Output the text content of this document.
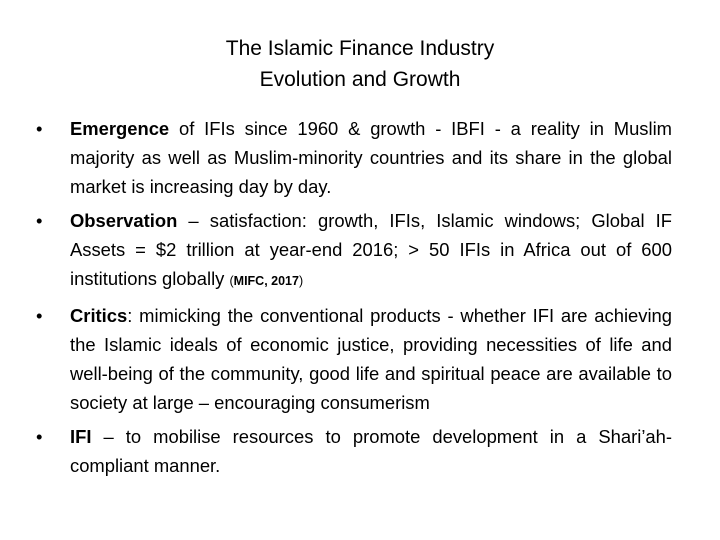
The Islamic Finance Industry
Evolution and Growth
•	Emergence of IFIs since 1960 & growth - IBFI - a reality in Muslim majority as well as Muslim-minority countries and its share in the global market is increasing day by day.
•	Observation – satisfaction: growth, IFIs, Islamic windows; Global IF Assets = $2 trillion at year-end 2016; > 50 IFIs in Africa out of 600 institutions globally (MIFC, 2017)
•	Critics: mimicking the conventional products - whether IFI are achieving the Islamic ideals of economic justice, providing necessities of life and well-being of the community, good life and spiritual peace are available to society at large – encouraging consumerism
•	IFI – to mobilise resources to promote development in a Shari’ah-compliant manner.
